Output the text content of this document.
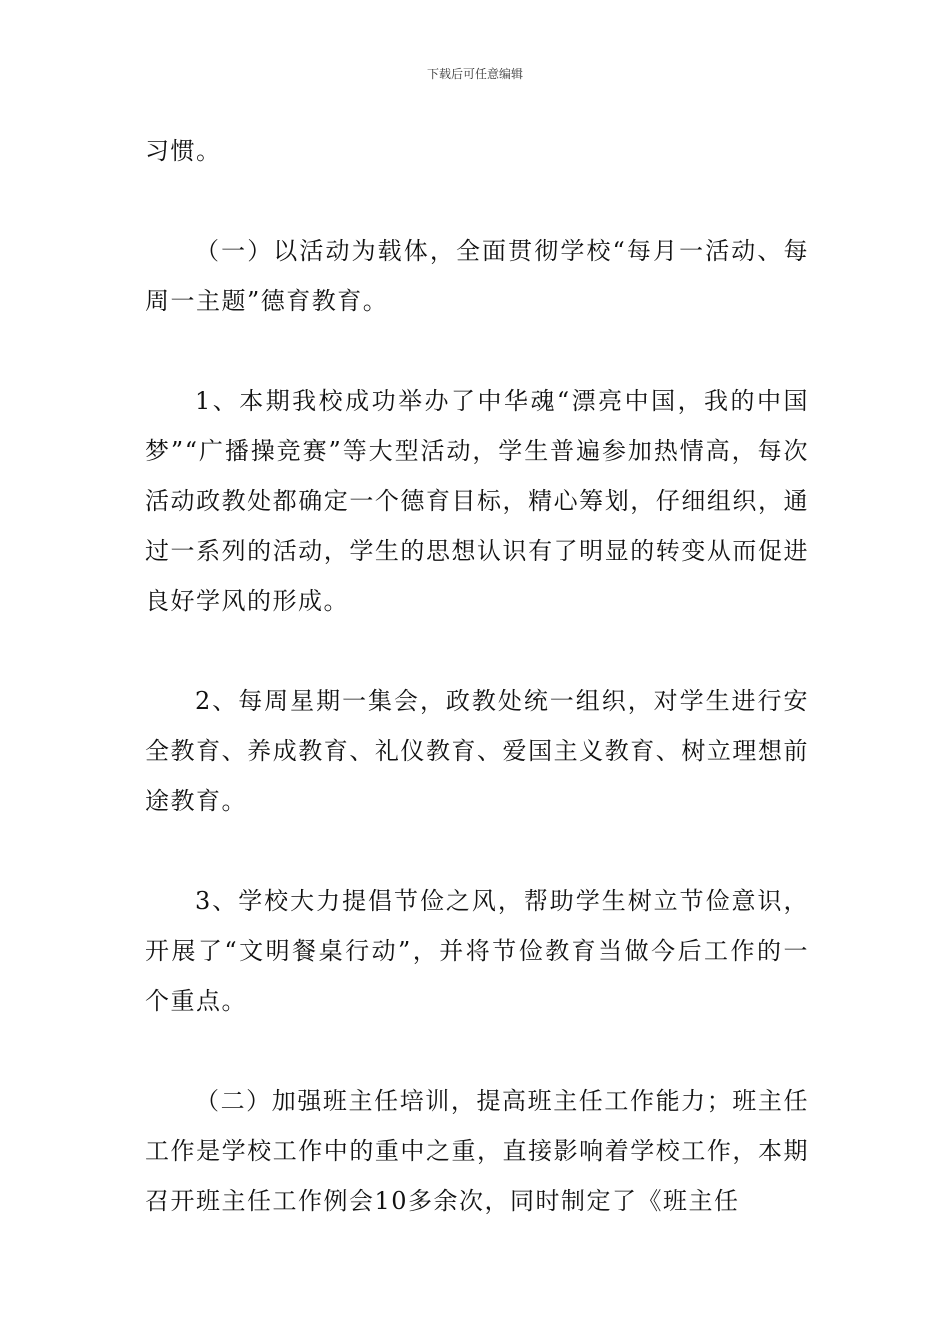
下载后可任意编辑

习惯。

（一）以活动为载体，全面贯彻学校“每月一活动、每周一主题”德育教育。

1、本期我校成功举办了中华魂“漂亮中国，我的中国梦”“广播操竞赛”等大型活动，学生普遍参加热情高，每次活动政教处都确定一个德育目标，精心筹划，仔细组织，通过一系列的活动，学生的思想认识有了明显的转变从而促进良好学风的形成。

2、每周星期一集会，政教处统一组织，对学生进行安全教育、养成教育、礼仪教育、爱国主义教育、树立理想前途教育。

3、学校大力提倡节俭之风，帮助学生树立节俭意识，开展了“文明餐桌行动”，并将节俭教育当做今后工作的一个重点。

（二）加强班主任培训，提高班主任工作能力；班主任工作是学校工作中的重中之重，直接影响着学校工作，本期召开班主任工作例会10多余次，同时制定了《班主任
